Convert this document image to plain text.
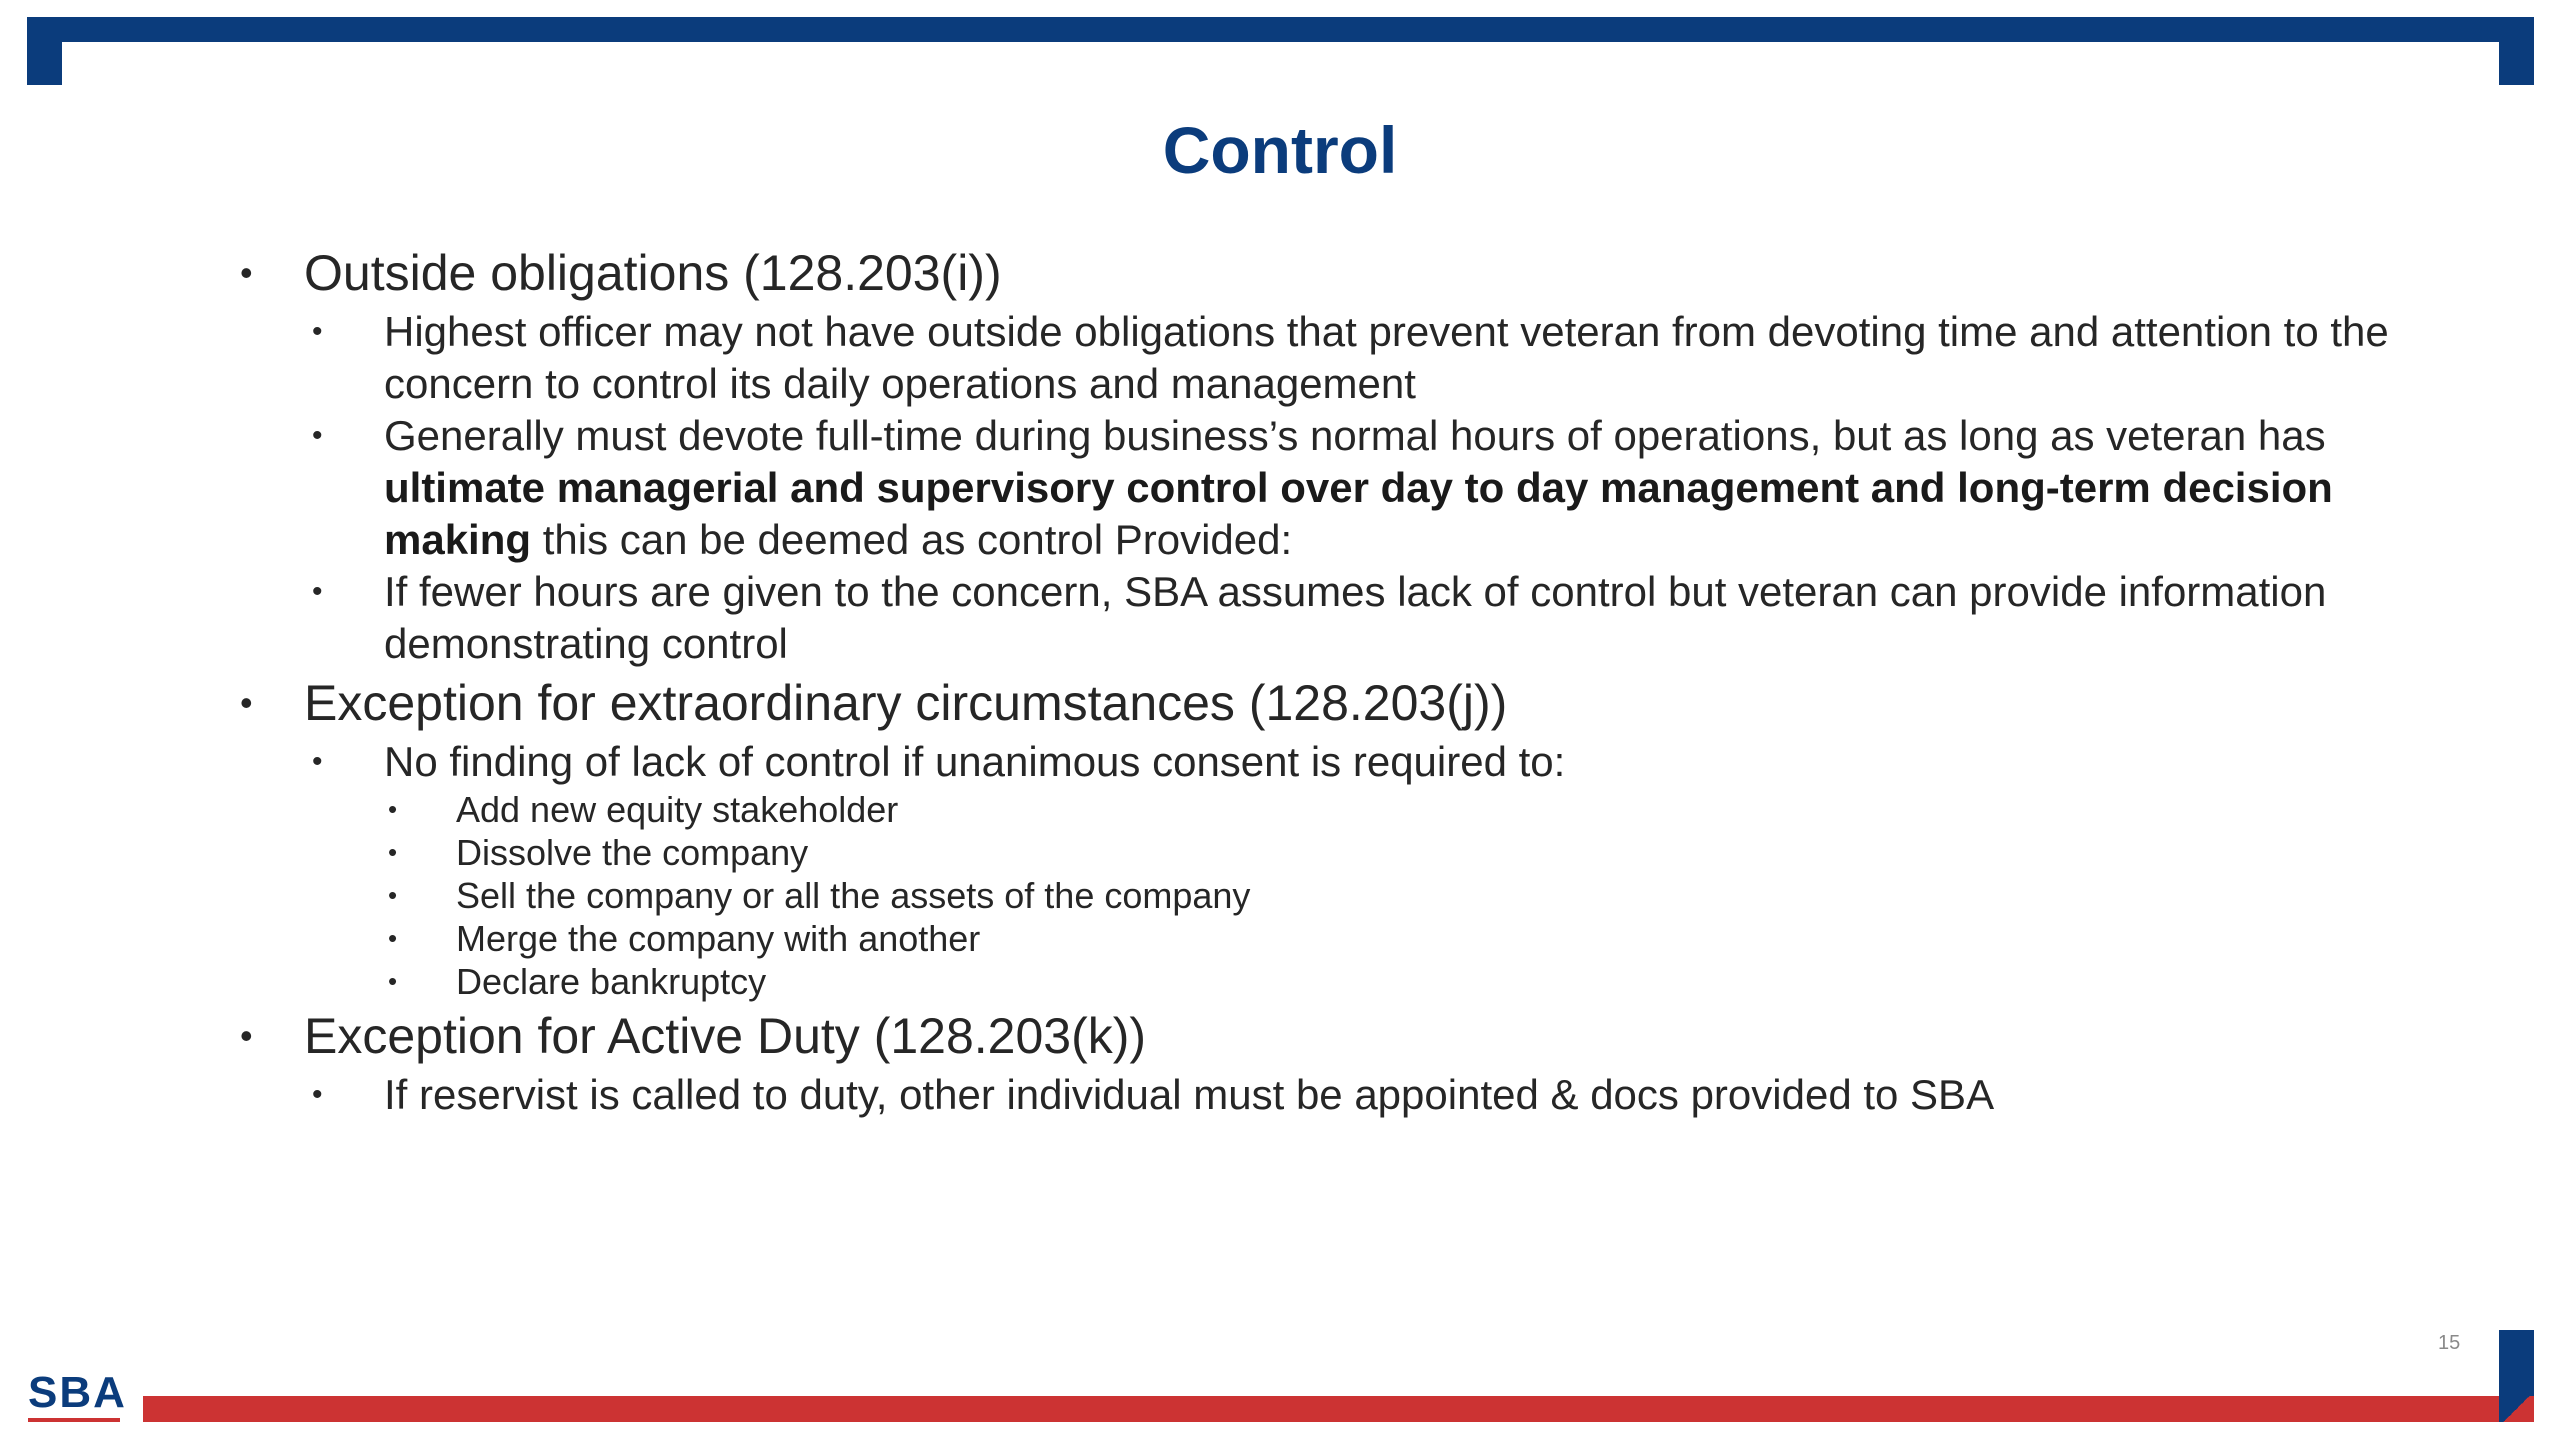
Control
• Outside obligations (128.203(i))
• Highest officer may not have outside obligations that prevent veteran from devoting time and attention to the concern to control its daily operations and management
• Generally must devote full-time during business’s normal hours of operations, but as long as veteran has ultimate managerial and supervisory control over day to day management and long-term decision making this can be deemed as control Provided:
• If fewer hours are given to the concern, SBA assumes lack of control but veteran can provide information demonstrating control
• Exception for extraordinary circumstances (128.203(j))
• No finding of lack of control if unanimous consent is required to:
• Add new equity stakeholder
• Dissolve the company
• Sell the company or all the assets of the company
• Merge the company with another
• Declare bankruptcy
• Exception for Active Duty (128.203(k))
• If reservist is called to duty, other individual must be appointed & docs provided to SBA
15
SBA
